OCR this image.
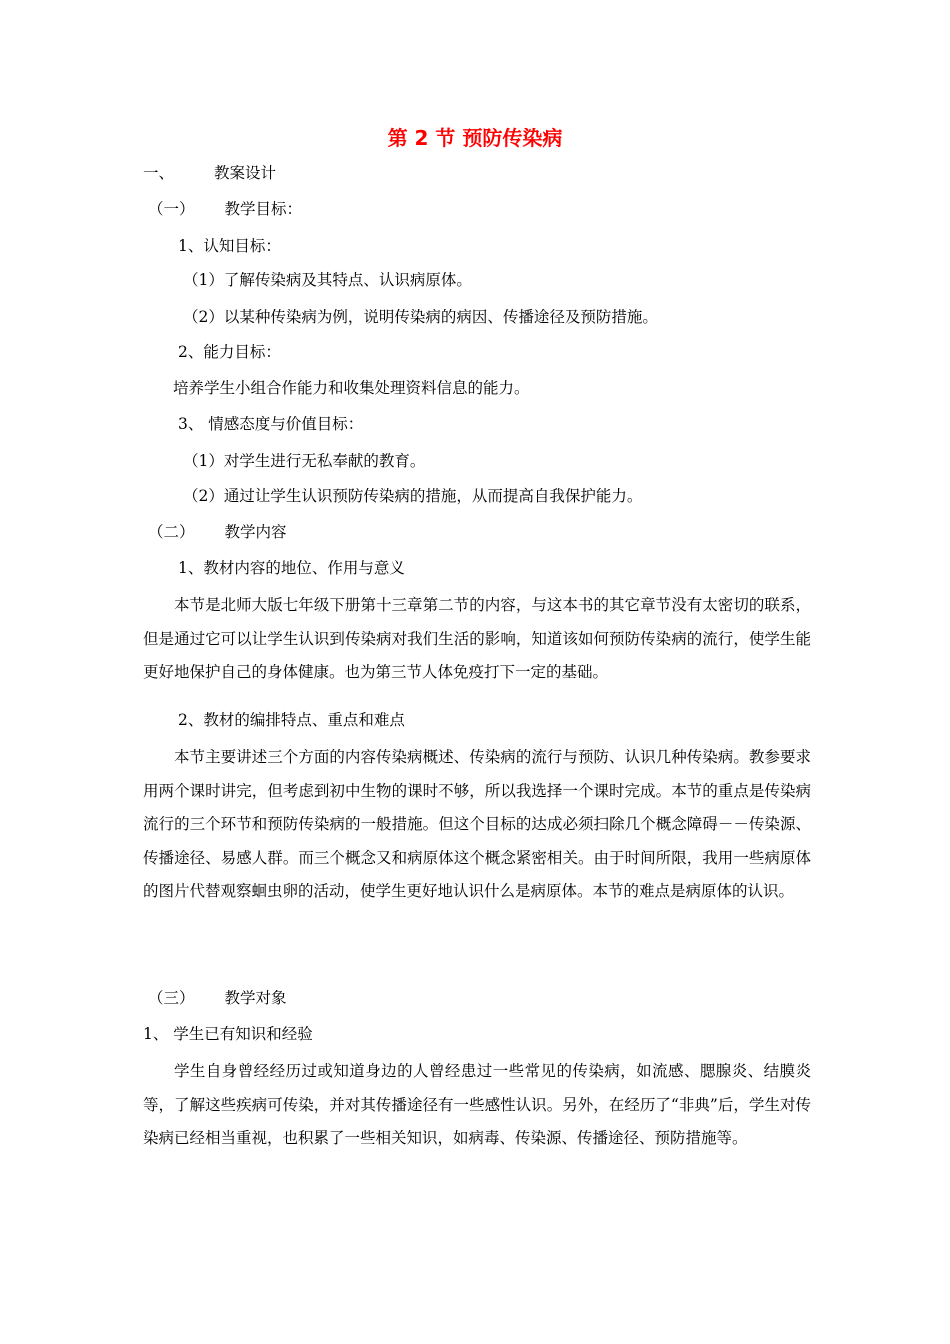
第 2 节 预防传染病

一、	教案设计

（一） 教学目标：

1、认知目标：

（1）了解传染病及其特点、认识病原体。

（2）以某种传染病为例，说明传染病的病因、传播途径及预防措施。

2、能力目标：

培养学生小组合作能力和收集处理资料信息的能力。

3、 情感态度与价值目标：

（1）对学生进行无私奉献的教育。

（2）通过让学生认识预防传染病的措施，从而提高自我保护能力。

（二） 教学内容

1、教材内容的地位、作用与意义

本节是北师大版七年级下册第十三章第二节的内容，与这本书的其它章节没有太密切的联系，但是通过它可以让学生认识到传染病对我们生活的影响，知道该如何预防传染病的流行，使学生能更好地保护自己的身体健康。也为第三节人体免疫打下一定的基础。

2、教材的编排特点、重点和难点

本节主要讲述三个方面的内容传染病概述、传染病的流行与预防、认识几种传染病。教参要求用两个课时讲完，但考虑到初中生物的课时不够，所以我选择一个课时完成。本节的重点是传染病流行的三个环节和预防传染病的一般措施。但这个目标的达成必须扫除几个概念障碍－－传染源、传播途径、易感人群。而三个概念又和病原体这个概念紧密相关。由于时间所限，我用一些病原体的图片代替观察蛔虫卵的活动，使学生更好地认识什么是病原体。本节的难点是病原体的认识。

（三） 教学对象

1、 学生已有知识和经验

学生自身曾经经历过或知道身边的人曾经患过一些常见的传染病，如流感、腮腺炎、结膜炎等，了解这些疾病可传染，并对其传播途径有一些感性认识。另外，在经历了“非典”后，学生对传染病已经相当重视，也积累了一些相关知识，如病毒、传染源、传播途径、预防措施等。
